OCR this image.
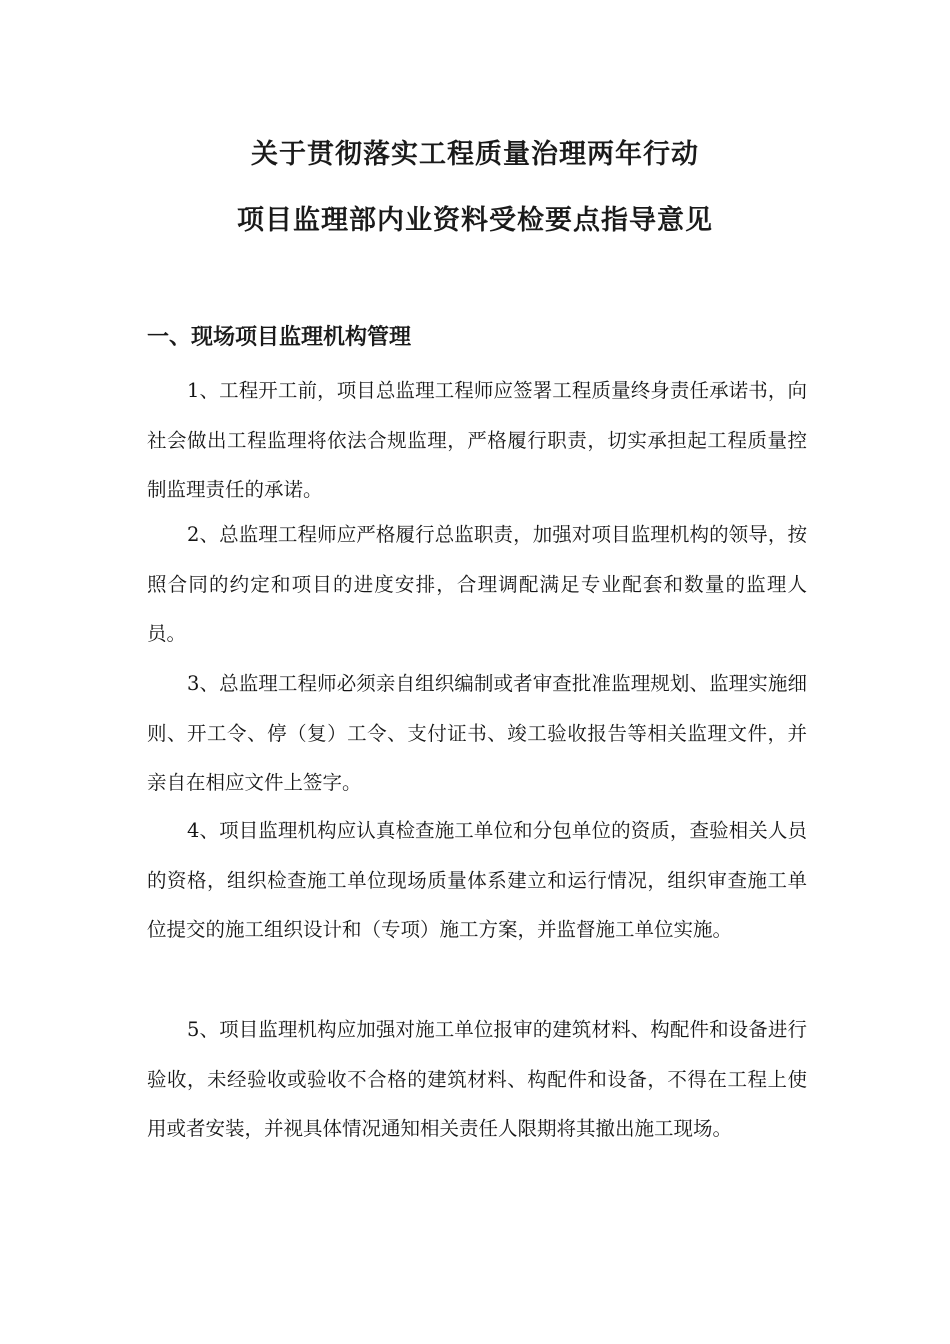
关于贯彻落实工程质量治理两年行动
项目监理部内业资料受检要点指导意见
一、现场项目监理机构管理

1、工程开工前，项目总监理工程师应签署工程质量终身责任承诺书，向社会做出工程监理将依法合规监理，严格履行职责，切实承担起工程质量控制监理责任的承诺。

2、总监理工程师应严格履行总监职责，加强对项目监理机构的领导，按照合同的约定和项目的进度安排，合理调配满足专业配套和数量的监理人员。

3、总监理工程师必须亲自组织编制或者审查批准监理规划、监理实施细则、开工令、停（复）工令、支付证书、竣工验收报告等相关监理文件，并亲自在相应文件上签字。

4、项目监理机构应认真检查施工单位和分包单位的资质，查验相关人员的资格，组织检查施工单位现场质量体系建立和运行情况，组织审查施工单位提交的施工组织设计和（专项）施工方案，并监督施工单位实施。

5、项目监理机构应加强对施工单位报审的建筑材料、构配件和设备进行验收，未经验收或验收不合格的建筑材料、构配件和设备，不得在工程上使用或者安装，并视具体情况通知相关责任人限期将其撤出施工现场。
